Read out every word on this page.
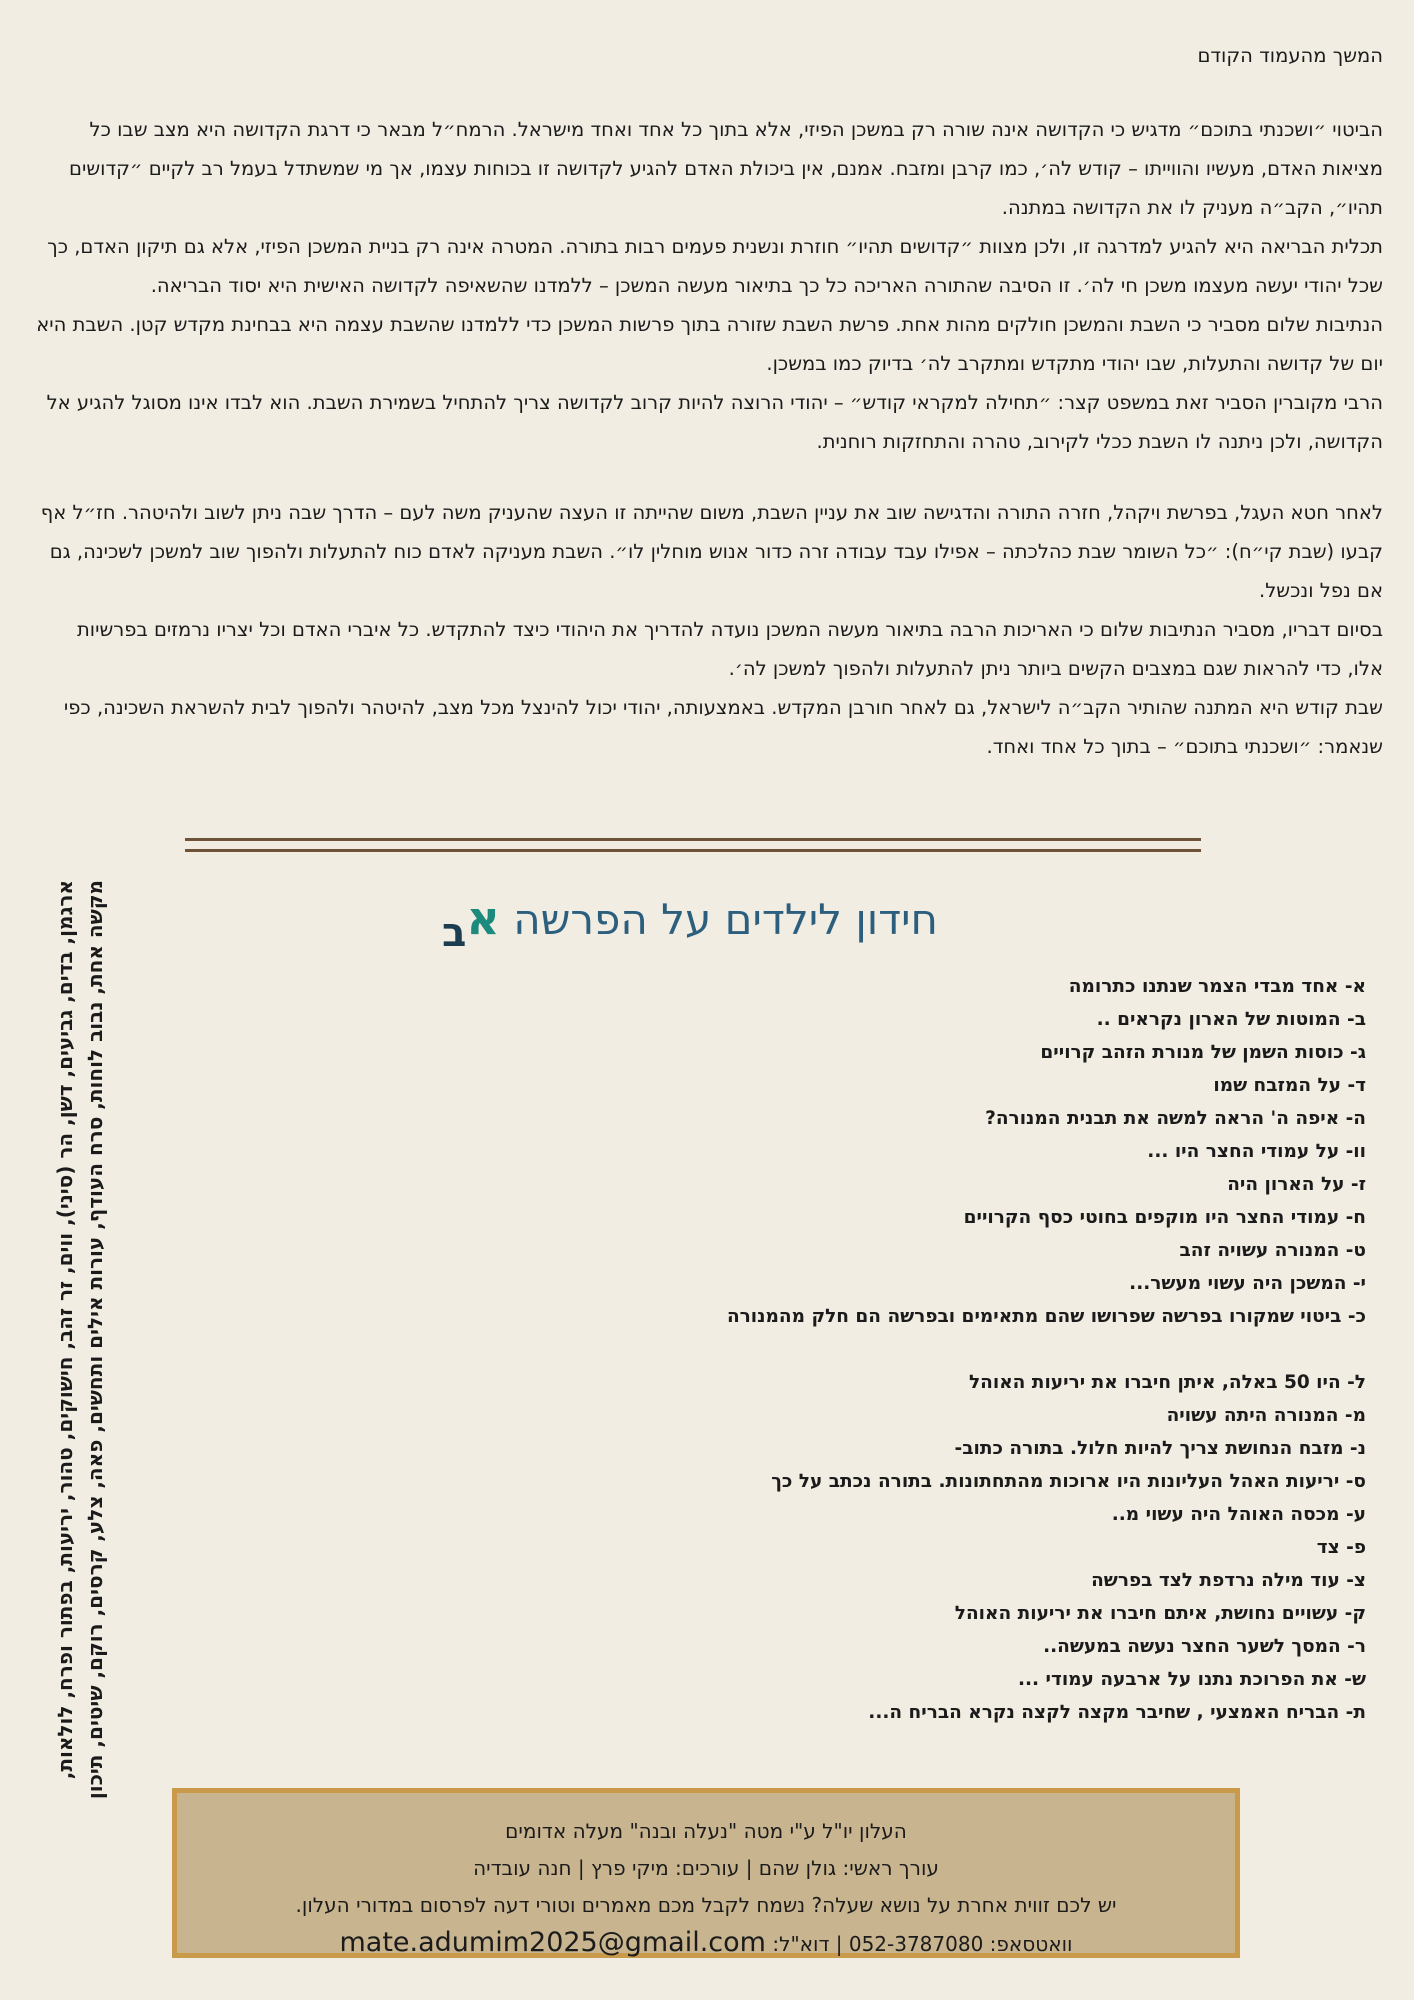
המשך מהעמוד הקודם

הביטוי ״ושכנתי בתוכם״ מדגיש כי הקדושה אינה שורה רק במשכן הפיזי, אלא בתוך כל אחד ואחד מישראל. הרמח״ל מבאר כי דרגת הקדושה היא מצב שבו כל מציאות האדם, מעשיו והווייתו – קודש לה׳, כמו קרבן ומזבח. אמנם, אין ביכולת האדם להגיע לקדושה זו בכוחות עצמו, אך מי שמשתדל בעמל רב לקיים ״קדושים תהיו״, הקב״ה מעניק לו את הקדושה במתנה.

תכלית הבריאה היא להגיע למדרגה זו, ולכן מצוות ״קדושים תהיו״ חוזרת ונשנית פעמים רבות בתורה. המטרה אינה רק בניית המשכן הפיזי, אלא גם תיקון האדם, כך שכל יהודי יעשה מעצמו משכן חי לה׳. זו הסיבה שהתורה האריכה כל כך בתיאור מעשה המשכן – ללמדנו שהשאיפה לקדושה האישית היא יסוד הבריאה.

הנתיבות שלום מסביר כי השבת והמשכן חולקים מהות אחת. פרשת השבת שזורה בתוך פרשות המשכן כדי ללמדנו שהשבת עצמה היא בבחינת מקדש קטן. השבת היא יום של קדושה והתעלות, שבו יהודי מתקדש ומתקרב לה׳ בדיוק כמו במשכן.

הרבי מקוברין הסביר זאת במשפט קצר: ״תחילה למקראי קודש״ – יהודי הרוצה להיות קרוב לקדושה צריך להתחיל בשמירת השבת. הוא לבדו אינו מסוגל להגיע אל הקדושה, ולכן ניתנה לו השבת ככלי לקירוב, טהרה והתחזקות רוחנית.

לאחר חטא העגל, בפרשת ויקהל, חזרה התורה והדגישה שוב את עניין השבת, משום שהייתה זו העצה שהעניק משה לעם – הדרך שבה ניתן לשוב ולהיטהר. חז״ל אף קבעו (שבת קי״ח): ״כל השומר שבת כהלכתה – אפילו עבד עבודה זרה כדור אנוש מוחלין לו״. השבת מעניקה לאדם כוח להתעלות ולהפוך שוב למשכן לשכינה, גם אם נפל ונכשל.

בסיום דבריו, מסביר הנתיבות שלום כי האריכות הרבה בתיאור מעשה המשכן נועדה להדריך את היהודי כיצד להתקדש. כל איברי האדם וכל יצריו נרמזים בפרשיות אלו, כדי להראות שגם במצבים הקשים ביותר ניתן להתעלות ולהפוך למשכן לה׳.

שבת קודש היא המתנה שהותיר הקב״ה לישראל, גם לאחר חורבן המקדש. באמצעותה, יהודי יכול להינצל מכל מצב, להיטהר ולהפוך לבית להשראת השכינה, כפי שנאמר: ״ושכנתי בתוכם״ – בתוך כל אחד ואחד.

חידון לילדים על הפרשה אב
א- אחד מבדי הצמר שנתנו כתרומה
ב- המוטות של הארון נקראים ..
ג- כוסות השמן של מנורת הזהב קרויים
ד- על המזבח שמו
ה- איפה ה' הראה למשה את תבנית המנורה?
וו- על עמודי החצר היו ...
ז- על הארון היה
ח- עמודי החצר היו מוקפים בחוטי כסף הקרויים
ט- המנורה עשויה זהב
י- המשכן היה עשוי מעשר...
כ- ביטוי שמקורו בפרשה שפרושו שהם מתאימים ובפרשה הם חלק מהמנורה
ל- היו 50 באלה, איתן חיברו את יריעות האוהל
מ- המנורה היתה עשויה
נ- מזבח הנחושת צריך להיות חלול. בתורה כתוב-
ס- יריעות האהל העליונות היו ארוכות מהתחתונות. בתורה נכתב על כך
ע- מכסה האוהל היה עשוי מ..
פ- צד
צ- עוד מילה נרדפת לצד בפרשה
ק- עשויים נחושת, איתם חיברו את יריעות האוהל
ר- המסך לשער החצר נעשה במעשה..
ש- את הפרוכת נתנו על ארבעה עמודי ...
ת- הבריח האמצעי , שחיבר מקצה לקצה נקרא הבריח ה...
ארגמן, בדים, גביעים, דשן, הר (סיני), ווים, זר זהב, חישוקים, טהור, יריעות, בפתור ופרח, לולאות, מקשה אחת, נבוב לוחות, סרח העודף, עורות אילים ותחשים, פאה, צלע, קרסים, רוקם, שיטים, תיכון
העלון יו"ל ע"י מטה "נעלה ובנה" מעלה אדומים
עורך ראשי: גולן שהם | עורכים: מיקי פרץ | חנה עובדיה
יש לכם זווית אחרת על נושא שעלה? נשמח לקבל מכם מאמרים וטורי דעה לפרסום במדורי העלון.
וואטסאפ: 052-3787080 | דוא"ל: mate.adumim2025@gmail.com
